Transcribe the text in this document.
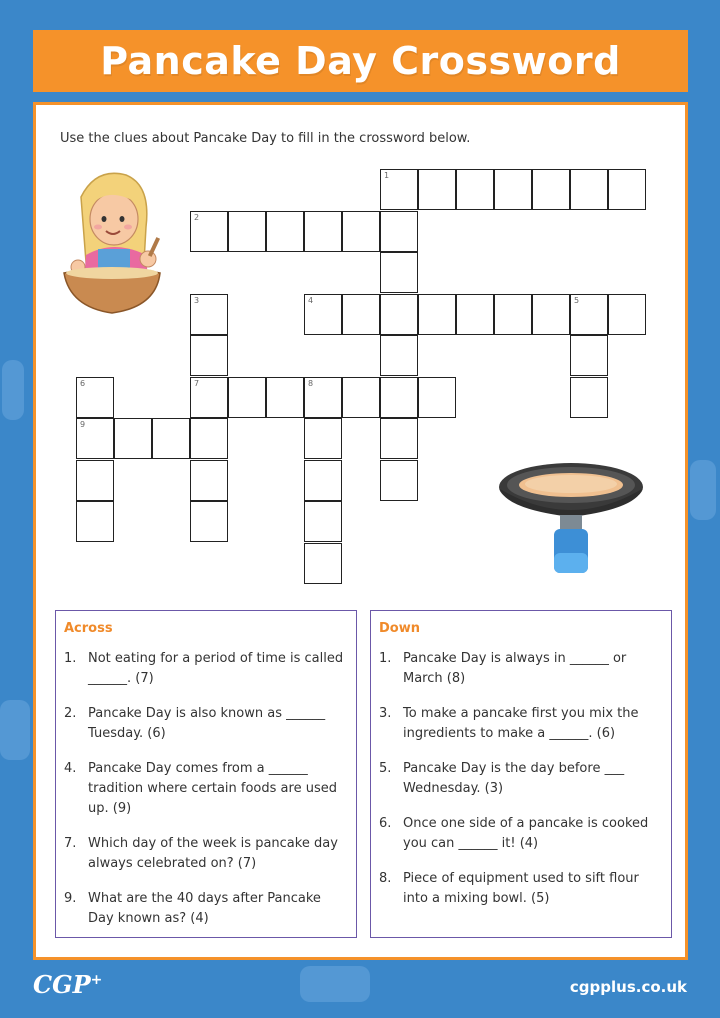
Pancake Day Crossword
Use the clues about Pancake Day to fill in the crossword below.
1
2
3	4	5
6	7	8
9
Across
1. Not eating for a period of time is called ______. (7)
2. Pancake Day is also known as ______ Tuesday. (6)
4. Pancake Day comes from a ______ tradition where certain foods are used up. (9)
7. Which day of the week is pancake day always celebrated on? (7)
9. What are the 40 days after Pancake Day known as? (4)
Down
1. Pancake Day is always in ______ or March (8)
3. To make a pancake first you mix the ingredients to make a ______. (6)
5. Pancake Day is the day before ___ Wednesday. (3)
6. Once one side of a pancake is cooked you can ______ it! (4)
8. Piece of equipment used to sift flour into a mixing bowl. (5)
CGP+	cgpplus.co.uk
